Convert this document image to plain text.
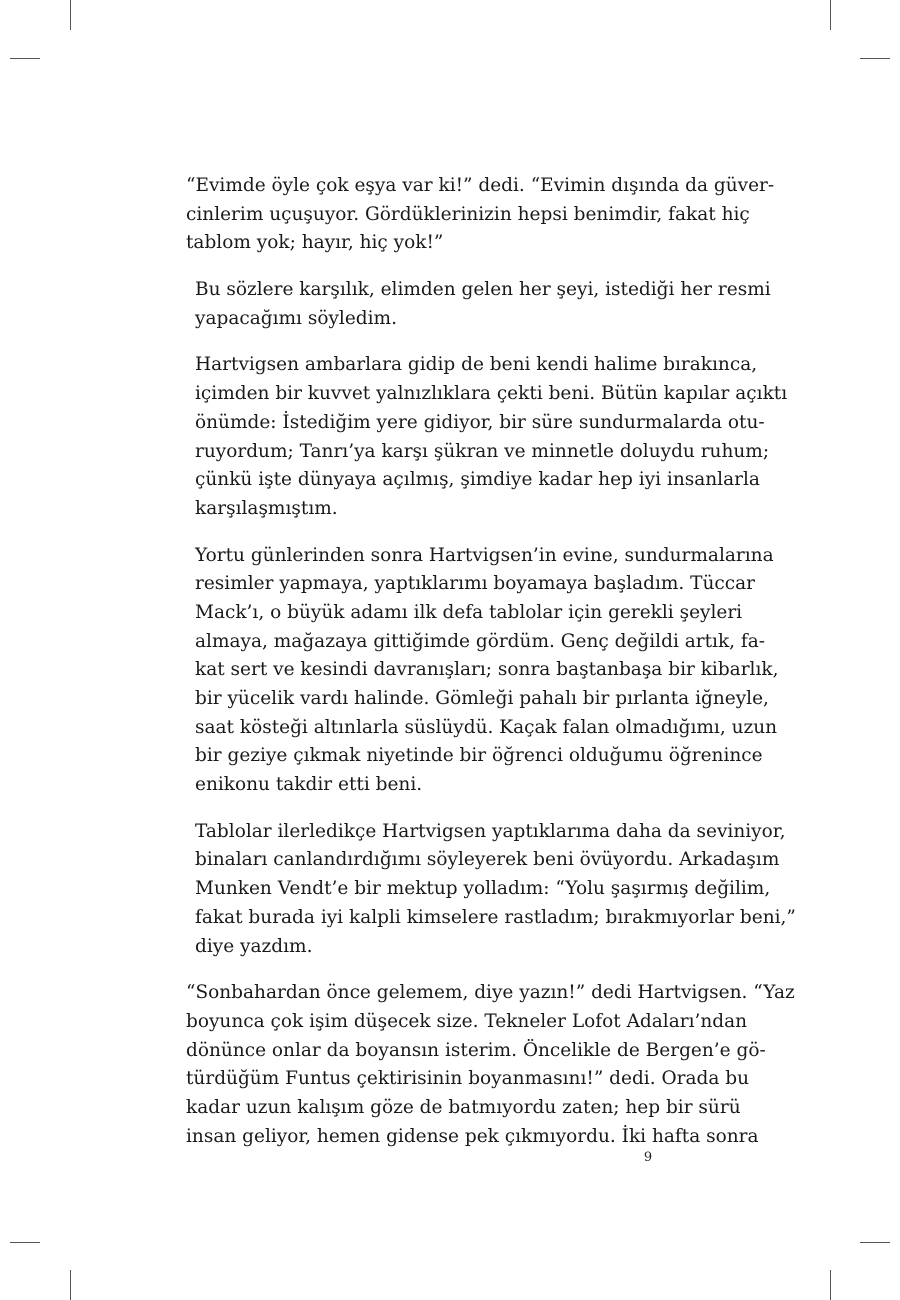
“Evimde öyle çok eşya var ki!” dedi. “Evimin dışında da güver-
cinlerim uçuşuyor. Gördüklerinizin hepsi benimdir, fakat hiç
tablom yok; hayır, hiç yok!”
Bu sözlere karşılık, elimden gelen her şeyi, istediği her resmi
yapacağımı söyledim.
Hartvigsen ambarlara gidip de beni kendi halime bırakınca,
içimden bir kuvvet yalnızlıklara çekti beni. Bütün kapılar açıktı
önümde: İstediğim yere gidiyor, bir süre sundurmalarda otu-
ruyordum; Tanrı’ya karşı şükran ve minnetle doluydu ruhum;
çünkü işte dünyaya açılmış, şimdiye kadar hep iyi insanlarla
karşılaşmıştım.
Yortu günlerinden sonra Hartvigsen’in evine, sundurmalarına
resimler yapmaya, yaptıklarımı boyamaya başladım. Tüccar
Mack’ı, o büyük adamı ilk defa tablolar için gerekli şeyleri
almaya, mağazaya gittiğimde gördüm. Genç değildi artık, fa-
kat sert ve kesindi davranışları; sonra baştanbaşa bir kibarlık,
bir yücelik vardı halinde. Gömleği pahalı bir pırlanta iğneyle,
saat kösteği altınlarla süslüydü. Kaçak falan olmadığımı, uzun
bir geziye çıkmak niyetinde bir öğrenci olduğumu öğrenince
enikonu takdir etti beni.
Tablolar ilerledikçe Hartvigsen yaptıklarıma daha da seviniyor,
binaları canlandırdığımı söyleyerek beni övüyordu. Arkadaşım
Munken Vendt’e bir mektup yolladım: “Yolu şaşırmış değilim,
fakat burada iyi kalpli kimselere rastladım; bırakmıyorlar beni,”
diye yazdım.
“Sonbahardan önce gelemem, diye yazın!” dedi Hartvigsen. “Yaz
boyunca çok işim düşecek size. Tekneler Lofot Adaları’ndan
dönünce onlar da boyansın isterim. Öncelikle de Bergen’e gö-
türdüğüm Funtus çektirisinin boyanmasını!” dedi. Orada bu
kadar uzun kalışım göze de batmıyordu zaten; hep bir sürü
insan geliyor, hemen gidense pek çıkmıyordu. İki hafta sonra
9
